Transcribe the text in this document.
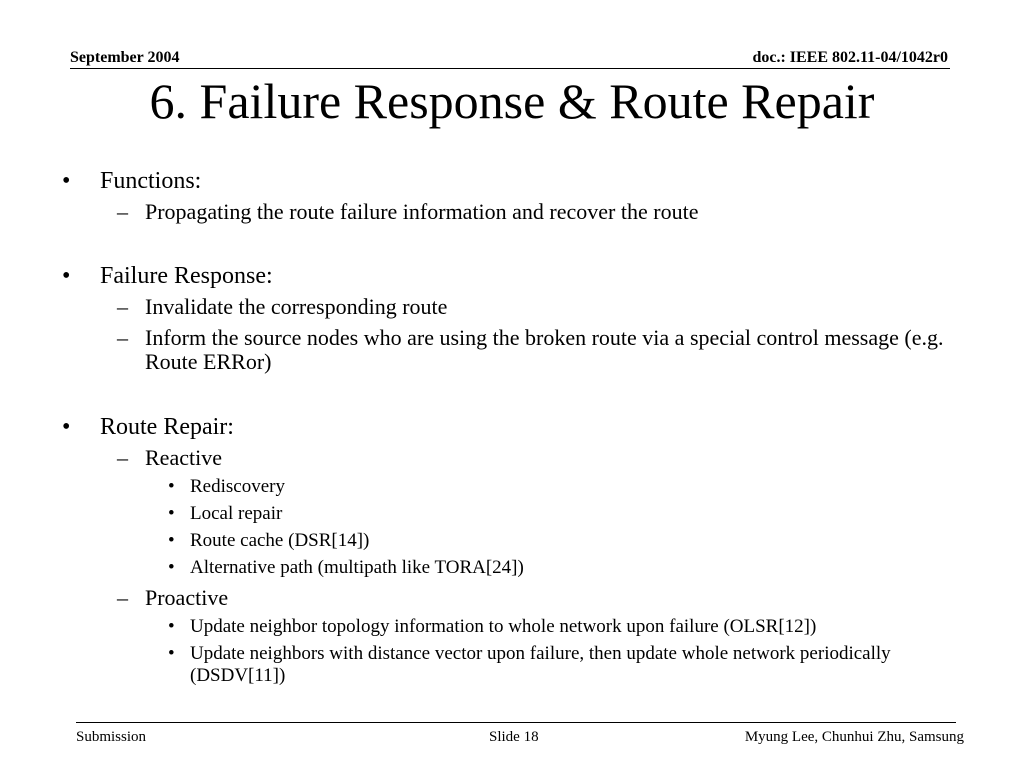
September 2004	doc.: IEEE 802.11-04/1042r0
6. Failure Response & Route Repair
• Functions:
– Propagating the route failure information and recover the route
• Failure Response:
– Invalidate the corresponding route
– Inform the source nodes who are using the broken route via a special control message (e.g. Route ERRor)
• Route Repair:
– Reactive
• Rediscovery
• Local repair
• Route cache (DSR[14])
• Alternative path (multipath like TORA[24])
– Proactive
• Update neighbor topology information to whole network upon failure (OLSR[12])
• Update neighbors with distance vector upon failure, then update whole network periodically (DSDV[11])
Submission	Slide 18	Myung Lee, Chunhui Zhu, Samsung
